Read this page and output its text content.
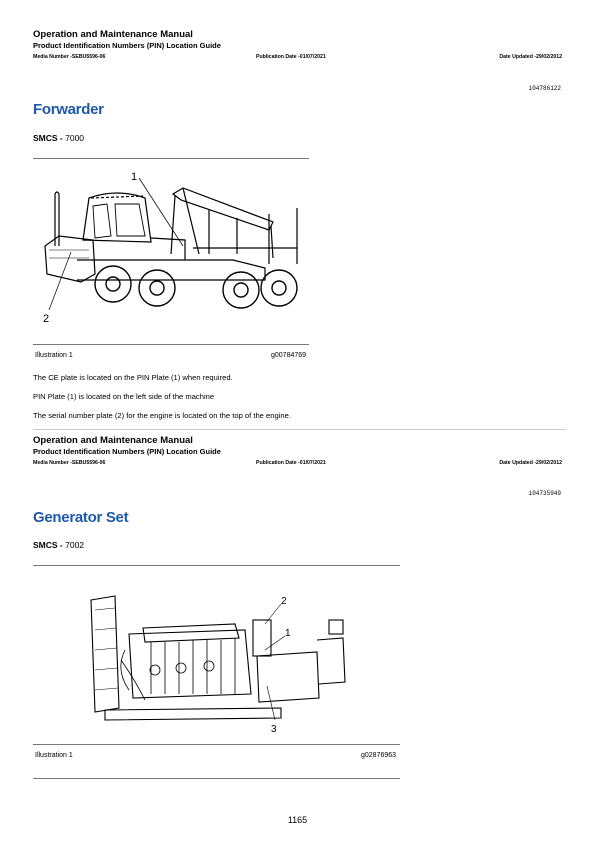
Operation and Maintenance Manual
Product Identification Numbers (PIN) Location Guide
Media Number -SEBU5596-06	Publication Date -01/07/2021	Date Updated -29/02/2012
i04786122
Forwarder
SMCS - 7000
1
2
Illustration 1	g00784769
The CE plate is located on the PIN Plate (1) when required.
PIN Plate (1) is located on the left side of the machine
The serial number plate (2) for the engine is located on the top of the engine.
Operation and Maintenance Manual
Product Identification Numbers (PIN) Location Guide
Media Number -SEBU5596-06	Publication Date -01/07/2021	Date Updated -29/02/2012
i04735949
Generator Set
SMCS - 7002
2
1
3
Illustration 1	g02876963
1165
